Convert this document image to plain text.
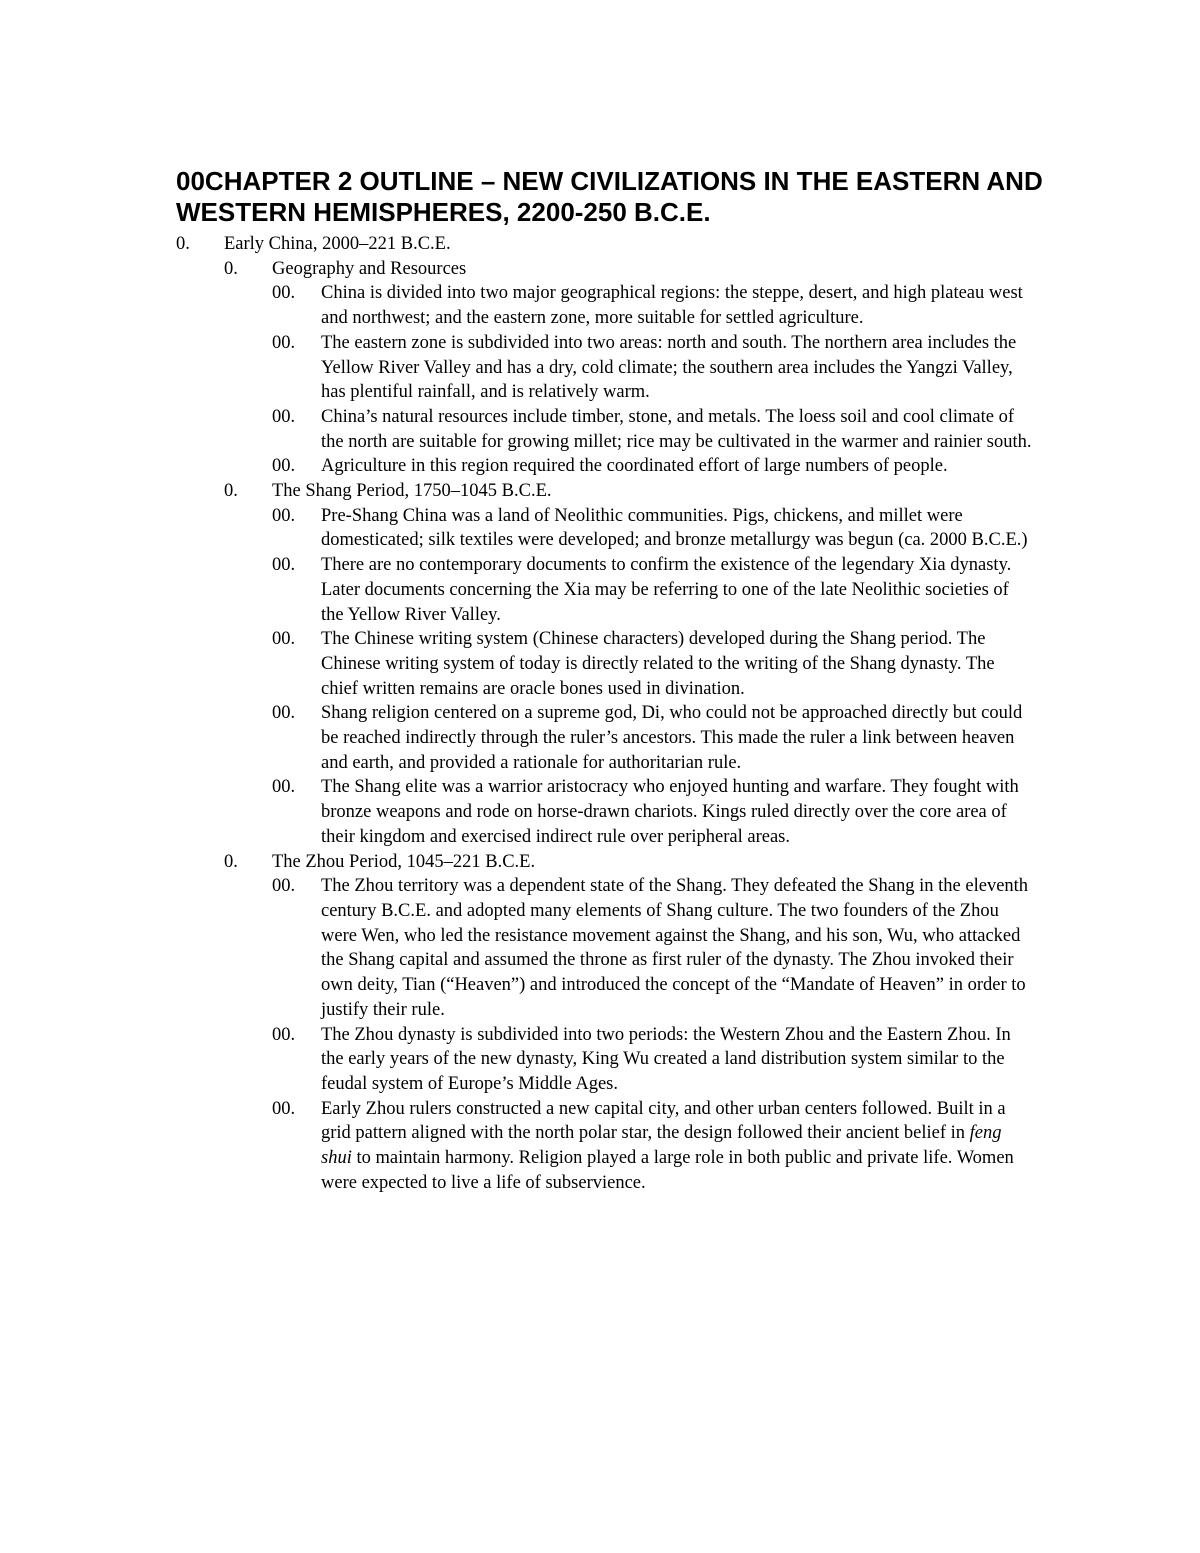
00CHAPTER 2 OUTLINE – NEW CIVILIZATIONS IN THE EASTERN AND WESTERN HEMISPHERES, 2200-250 B.C.E.
0. Early China, 2000–221 B.C.E.
0. Geography and Resources
00. China is divided into two major geographical regions: the steppe, desert, and high plateau west and northwest; and the eastern zone, more suitable for settled agriculture.
00. The eastern zone is subdivided into two areas: north and south. The northern area includes the Yellow River Valley and has a dry, cold climate; the southern area includes the Yangzi Valley, has plentiful rainfall, and is relatively warm.
00. China’s natural resources include timber, stone, and metals. The loess soil and cool climate of the north are suitable for growing millet; rice may be cultivated in the warmer and rainier south.
00. Agriculture in this region required the coordinated effort of large numbers of people.
0. The Shang Period, 1750–1045 B.C.E.
00. Pre-Shang China was a land of Neolithic communities. Pigs, chickens, and millet were domesticated; silk textiles were developed; and bronze metallurgy was begun (ca. 2000 B.C.E.)
00. There are no contemporary documents to confirm the existence of the legendary Xia dynasty. Later documents concerning the Xia may be referring to one of the late Neolithic societies of the Yellow River Valley.
00. The Chinese writing system (Chinese characters) developed during the Shang period. The Chinese writing system of today is directly related to the writing of the Shang dynasty. The chief written remains are oracle bones used in divination.
00. Shang religion centered on a supreme god, Di, who could not be approached directly but could be reached indirectly through the ruler’s ancestors. This made the ruler a link between heaven and earth, and provided a rationale for authoritarian rule.
00. The Shang elite was a warrior aristocracy who enjoyed hunting and warfare. They fought with bronze weapons and rode on horse-drawn chariots. Kings ruled directly over the core area of their kingdom and exercised indirect rule over peripheral areas.
0. The Zhou Period, 1045–221 B.C.E.
00. The Zhou territory was a dependent state of the Shang. They defeated the Shang in the eleventh century B.C.E. and adopted many elements of Shang culture. The two founders of the Zhou were Wen, who led the resistance movement against the Shang, and his son, Wu, who attacked the Shang capital and assumed the throne as first ruler of the dynasty. The Zhou invoked their own deity, Tian (“Heaven”) and introduced the concept of the “Mandate of Heaven” in order to justify their rule.
00. The Zhou dynasty is subdivided into two periods: the Western Zhou and the Eastern Zhou. In the early years of the new dynasty, King Wu created a land distribution system similar to the feudal system of Europe’s Middle Ages.
00. Early Zhou rulers constructed a new capital city, and other urban centers followed. Built in a grid pattern aligned with the north polar star, the design followed their ancient belief in feng shui to maintain harmony. Religion played a large role in both public and private life. Women were expected to live a life of subservience.
